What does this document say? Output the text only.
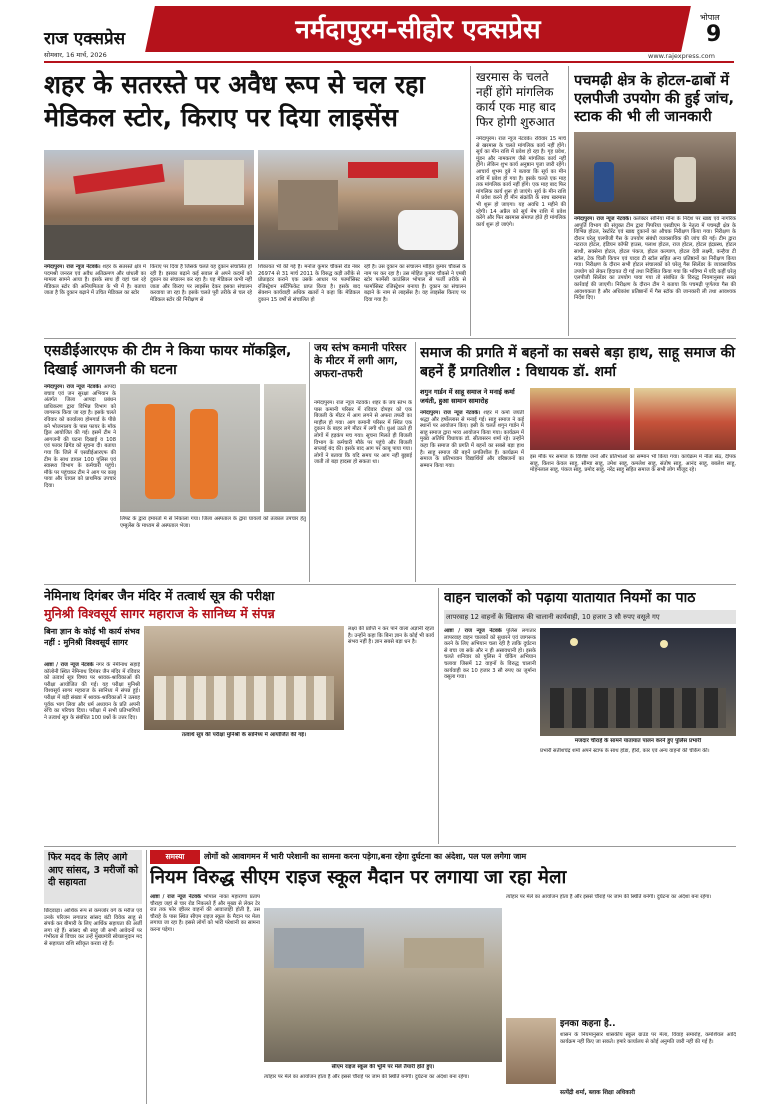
राज एक्सप्रेस
सोमवार, 16 मार्च, 2026
नर्मदापुरम-सीहोर एक्सप्रेस	भोपाल
9
www.rajexpress.com
शहर के सतरस्ते पर अवैध रूप से चल रहा मेडिकल स्टोर, किराए पर दिया लाइसेंस
नर्मदापुरम। राज न्यूज नेटवर्क। शहर के सतरस्ते क्षेत्र में पदमश्री जनरल एवं अवैध अतिक्रमण और धांधली का मामला सामने आया है। इसके साथ ही यहां चल रहे मेडिकल स्टोर की अनियमितता के भी में है। बताया जाता है कि दुकान बढ़ाने में उचित मेडिकल का स्टोर
किराए पर दिया है जिसके चलते यह दुकान संचालित हो रही है। इसका बढ़ाने कई सवाल से अपने कदमों को दुकान का संचालन कर रहा है। यह मेडिकल कभी नहीं जाता और किराए पर लाइसेंस देकर इसका संचालन करवाया जा रहा है। इसके चलते पूरी तरीके से चल रहे मेडिकल स्टोर की निरीक्षण से
शिकायत भी की गई है। मनोज कुमार चौकसे रोड नंबर 26974 से 31 मार्च 2011 के विरुद्ध कड़ी तरीके से प्रोप्राइटर कराने एक उसके आधार पर फार्मासिस्ट रजिस्ट्रेशन सर्टिफिकेट प्राप्त किया है। इसके बाद सेक्शन कार्यवाही अधिक खतरों ने कहा कि मेडिकल दुकान 15 वर्षों से संचालित हो
रही है। उस दुकान का संचालन मोहित कुमार चौकसे के नाम पर कर रहा है। उस मोहित कुमार चौकसे ने एमबी स्टोर फार्मेसी काउंसिल भोपाल से फर्जी तरीके से फार्मासिस्ट रजिस्ट्रेशन बनाया है। दुकान का संचालन बढ़ाने के नाम से लाइसेंस है। वह लाइसेंस किराए पर दिया गया है।
खरमास के चलते नहीं होंगे मांगलिक कार्य एक माह बाद फिर होगी शुरुआत
नर्मदापुरम। राज न्यूज नेटवर्क। रविवार 15 मार्च से खरमास के चलते मांगलिक कार्य नहीं होंगे। सूर्य का मीन राशि में प्रवेश हो रहा है। गृह प्रवेश, मुंडन और नामकरण जैसे मांगलिक कार्य नहीं होंगे। लेकिन शुभ कार्य अनुष्ठान पूजा जारी रहेंगे। आचार्य शुभम दुबे ने बताया कि सूर्य का मीन राशि में प्रवेश हो गया है। इसके चलते एक माह तक मांगलिक कार्य नहीं होंगे। एक माह बाद फिर मांगलिक कार्य शुरू हो जाएंगे। सूर्य के मीन राशि में प्रवेश करने ही मीन संक्रांति के साथ खरमास भी शुरू हो जाएगा। यह अवधि 1 महीने की रहेगी। 14 अप्रैल को सूर्य मेष राशि में प्रवेश करेंगे और फिर खरमास समाप्त होते ही मांगलिक कार्य शुरू हो जाएंगे।
पचमढ़ी क्षेत्र के होटल-ढाबों में एलपीजी उपयोग की हुई जांच, स्टाक की भी ली जानकारी
नर्मदापुरम। राज न्यूज नेटवर्क। कलेक्टर सोनिया मीना के निर्देश पर खाद्य एवं नागरिक आपूर्ति विभाग की संयुक्त टीम द्वारा पिपरिया एसडीएम के नेतृत्व में पचमढ़ी क्षेत्र के विभिन्न होटल, रेस्टोरेंट एवं खाद्य दुकानों का औचक निरीक्षण किया गया। निरीक्षण के दौरान घरेलू एलपीजी गैस के उपयोग संबंधी व्यावसायिक की जांच की गई। टीम द्वारा नटराज होटल, इंडियन कॉफी हाउस, पलाश होटल, राज होटल, होटल इंद्रप्रस्थ, होटल साथी, सक्सेना होटल, होटल पंकज, होटल कल्याण, होटल देवी लक्ष्मी, कन्हैया टी स्टॉल, टेक चिली किचन एवं यादव टी स्टॉल सहित अन्य प्रतिष्ठानों का निरीक्षण किया गया। निरीक्षण के दौरान सभी होटल संचालकों को घरेलू गैस सिलेंडर के व्यावसायिक उपयोग को लेकर हिदायत दी गई तथा निर्देशित किया गया कि भविष्य में यदि कहीं घरेलू एलपीजी सिलेंडर का उपयोग पाया गया तो संबंधित के विरुद्ध नियमानुसार सख्त कार्रवाई की जाएगी। निरीक्षण के दौरान टीम ने बताया कि पचमढ़ी पूर्णतया गैस की आवश्यकता है और अधिकांश प्रतिष्ठानों में गैस स्टॉक की जानकारी ली तथा आवश्यक निर्देश दिए।
एसडीईआरएफ की टीम ने किया फायर मॉकड्रिल, दिखाई आगजनी की घटना
नर्मदापुरम। राज न्यूज नेटवर्क। आपदा बचाव एवं जन सुरक्षा अभियान के अंतर्गत जिला आपदा प्रबंधन प्राधिकरण द्वारा विभिन्न विभाग को जागरूक किया जा रहा है। इसके चलते रविवार को कार्यालय होमगार्ड के पीछे बने भोजनालय के पास फायर के मॉक ड्रिल आयोजित की गई। इसमें टीम ने आगजनी की घटना दिखाई व 108 एवं फायर ब्रिगेड को सूचना दी। बताया गया कि जिले में एसडीईआरएफ की टीम के साथ डायल 100 पुलिस एवं स्वास्थ्य विभाग के कर्मचारी पहुंचे। मौके पर पहुंचकर टीम ने आग पर काबू पाया और घायल को प्राथमिक उपचार दिया।
लिफ्ट के द्वारा इमारतों में से निकाला गया। जिला अस्पताल के द्वारा घायलों को तत्काल उपचार हेतु एम्बुलेंस के माध्यम से अस्पताल भेजा।
जय स्तंभ कमानी परिसर के मीटर में लगी आग, अफरा-तफरी
नर्मदापुरम। राज न्यूज नेटवर्क। शहर के जय स्तंभ के पास कमानी परिसर में रविवार दोपहर को एक बिजली के मीटर में आग लगने से अफरा तफरी का माहौल हो गया। आग कमानी परिसर में स्थित एक दुकान के बाहर लगे मीटर में लगी थी। धुआं उठते ही लोगों में हड़कंप मच गया। सूचना मिलते ही बिजली विभाग के कर्मचारी मौके पर पहुंचे और बिजली सप्लाई बंद की। इसके बाद आग पर काबू पाया गया। लोगों ने बताया कि यदि समय पर आग नहीं बुझाई जाती तो बड़ा हादसा हो सकता था।
समाज की प्रगति में बहनों का सबसे बड़ा हाथ, साहू समाज की बहनें हैं प्रगतिशील : विधायक डॉ. शर्मा
शगुन गार्डन में साहू समाज ने मनाई कर्मा जयंती, हुआ सामान सामारोह
नर्मदापुरम। राज न्यूज नेटवर्क। शहर में कर्मा जयंती श्रद्धा और हर्षोल्लास से मनाई गई। साहू समाज ने कई स्थानों पर आयोजन किए। इसी के चलते शगुन गार्डन में साहू समाज द्वारा भव्य आयोजन किया गया। कार्यक्रम में मुख्य अतिथि विधायक डॉ. सीतासरन शर्मा रहे। उन्होंने कहा कि समाज की प्रगति में बहनों का सबसे बड़ा हाथ है। साहू समाज की बहनें प्रगतिशील हैं। कार्यक्रम में समाज के प्रतिभावान विद्यार्थियों और वरिष्ठजनों का सम्मान किया गया।
इस मौके पर समाज के विशिष्ट जनों और प्रतिभाओं का सम्मान भी किया गया। कार्यक्रम में नीता सेठ, दीपक साहू, किशन केवल साहू, सौम्या साहू, उमेश साहू, कमलेश साहू, संतोष साहू, आनंद साहू, बबलेश साहू, मोहनलाल साहू, पंकज साहू, प्रमोद साहू, नरेंद्र साहू सहित समाज के सभी लोग मौजूद रहे।
नेमिनाथ दिगंबर जैन मंदिर में तत्वार्थ सूत्र की परीक्षा
मुनिश्री विश्वसूर्य सागर महाराज के सानिध्य में संपन्न
बिना ज्ञान के कोई भी कार्य संभव नहीं : मुनिश्री विश्वसूर्य सागर
आष्टा / राज न्यूज नेटवर्क नगर के नेमीनाथ सहाई कॉलोनी स्थित नेमिनाथ दिगंबर जैन मंदिर में रविवार को तत्वार्थ सूत्र विषय पर श्रावक-श्राविकाओं की परीक्षा आयोजित की गई। यह परीक्षा मुनिश्री विश्वसूर्य सागर महाराज के सानिध्य में संपन्न हुई। परीक्षा में बड़ी संख्या में श्रावक-श्राविकाओं ने उत्साह पूर्वक भाग लिया और धर्म अध्ययन के प्रति अपनी रुचि का परिचय दिया। परीक्षा में सभी प्रतिभागियों ने तत्वार्थ सूत्र के संबंधित 100 प्रश्नों के उत्तर दिए।
तत्वार्थ सूत्र की परीक्षा मुनिश्री के सानिध्य में आयोजित की गई।
लक्ष्य की प्राप्ति न कर पाने वाला अज्ञानी रहता है। उन्होंने कहा कि बिना ज्ञान के कोई भी कार्य संभव नहीं है। ज्ञान सबसे बड़ा धन है।
वाहन चालकों को पढ़ाया यातायात नियमों का पाठ
लापरवाह 12 वाहनों के खिलाफ की चालानी कार्यवाही, 10 हजार 3 सौ रुपए वसूले गए
आष्टा / राज न्यूज नेटवर्क पुलिस लगातार लापरवाह वाहन चालकों को सुधारने एवं जागरूक करने के लिए अभियान चला रही है ताकि दुर्घटना से बचा जा सके और न ही असावधानी हो। इसके चलते शनिवार को पुलिस ने चेकिंग अभियान चलाया जिसमें 12 वाहनों के विरुद्ध चालानी कार्यवाही कर 10 हजार 3 सौ रुपए का जुर्माना वसूला गया।
मजदार चौराहे के सामने यातायात पालन करने हुए पुलिस प्रभारी
प्रभारी सतीशचंद्र शर्मा अपने स्टाफ के साथ होंडा, हीरो, कार एवं अन्य वाहनों की चेकिंग की।
फिर मदद के लिए आगे आए सांसद, 3 मरीजों को दी सहायता
छिंदवाड़ा। आर्थिक रूप से कमजोर वर्ग के मरीज एवं उनके परिजन लगातार सांसद बंटी विवेक साहू से संपर्क कर बीमारी के लिए आर्थिक सहायता की अर्जी लगा रहे हैं। सांसद श्री साहू जी सभी आवेदनों पर गंभीरता से विचार कर उन्हें मुख्यमंत्री स्वेच्छानुदान मद से सहायता राशि स्वीकृत करवा रहे हैं।
समस्या	लोगों को आवागमन में भारी परेशानी का सामना करना पड़ेगा,बना रहेगा दुर्घटना का अंदेशा, पल पल लगेगा जाम
नियम विरुद्ध सीएम राइज स्कूल मैदान पर लगाया जा रहा मेला
आष्टा / राज न्यूज नेटवर्क भोपाल नाका महाराणा प्रताप चौराहा जहां से चार रोड निकलते हैं और मुख्य से लेकर टेर रात तक फोर व्हीलर वाहनों की आवाजाही होती है, उस चौराहे के पास स्थित सीएम राइज स्कूल के मैदान पर मेला लगाया जा रहा है। इससे लोगों को भारी परेशानी का सामना करना पड़ेगा।
सीएम राइज स्कूल की भूमि पर मेले तैयारी होते हुए।
त्योहार पर मेले का आयोजन होता है और इससे चौराहे पर जाम की स्थिति बनेगी। दुर्घटना का अंदेशा बना रहेगा।
त्योहार पर मेले का आयोजन होता है और इससे चौराहे पर जाम की स्थिति बनेगी। दुर्घटना का अंदेशा बना रहेगा।
इनका कहना है..
शासन के नियमानुसार शासकीय स्कूल ग्राउंड पर मेला, विवाह समारोह, कमर्शियल आदि कार्यक्रम नहीं किए जा सकते। हमारे कार्यालय से कोई अनुमति जारी नहीं की गई है।
सत्येंद्री शर्मा, ब्लाक शिक्षा अधिकारी
